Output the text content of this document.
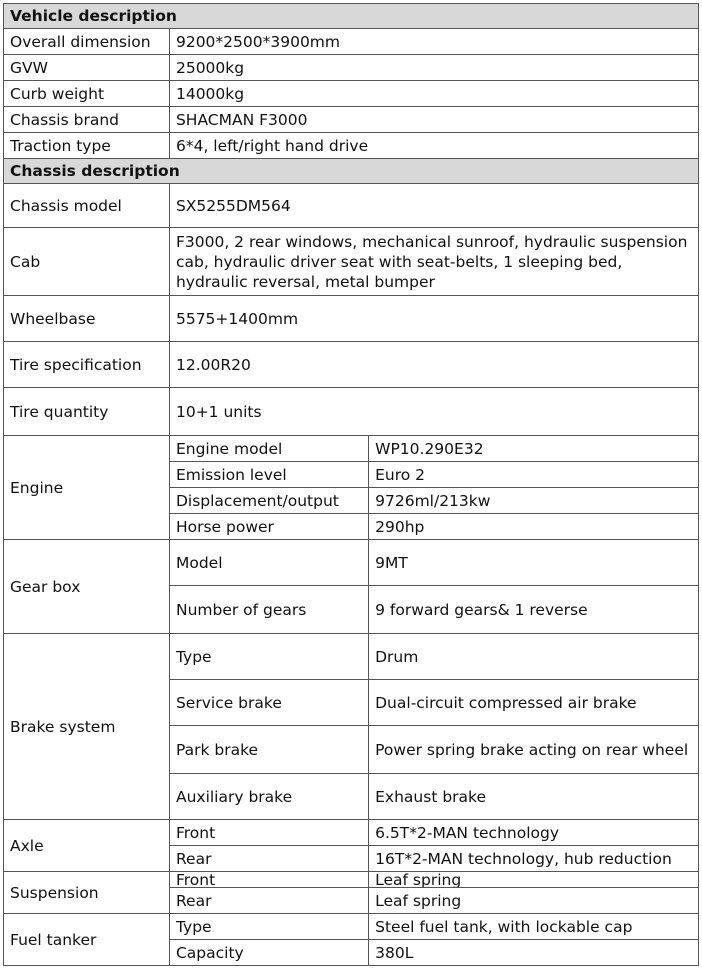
Vehicle description		
Overall dimension	9200*2500*3900mm	
GVW	25000kg	
Curb weight	14000kg	
Chassis brand	SHACMAN F3000	
Traction type	6*4, left/right hand drive	
Chassis description		
Chassis model	SX5255DM564	
Cab	F3000, 2 rear windows, mechanical sunroof, hydraulic suspension cab, hydraulic driver seat with seat-belts, 1 sleeping bed, hydraulic reversal, metal bumper	
Wheelbase	5575+1400mm	
Tire specification	12.00R20	
Tire quantity	10+1 units	
Engine	Engine model	WP10.290E32
	Emission level	Euro 2
	Displacement/output	9726ml/213kw
	Horse power	290hp
Gear box	Model	9MT
	Number of gears	9 forward gears& 1 reverse
Brake system	Type	Drum
	Service brake	Dual-circuit compressed air brake
	Park brake	Power spring brake acting on rear wheel
	Auxiliary brake	Exhaust brake
Axle	Front	6.5T*2-MAN technology
	Rear	16T*2-MAN technology, hub reduction
Suspension	Front	Leaf spring
	Rear	Leaf spring
Fuel tanker	Type	Steel fuel tank, with lockable cap
	Capacity	380L
